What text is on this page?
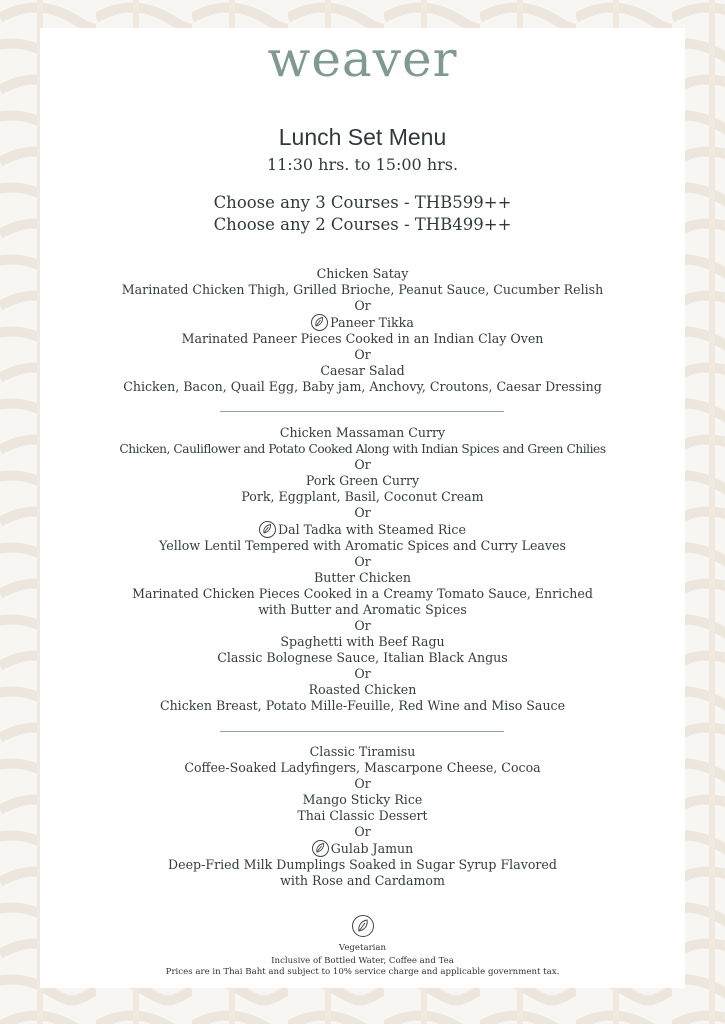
weaver
Lunch Set Menu
11:30 hrs. to 15:00 hrs.
Choose any 3 Courses - THB599++
Choose any 2 Courses - THB499++
Chicken Satay
Marinated Chicken Thigh, Grilled Brioche, Peanut Sauce, Cucumber Relish
Or
Paneer Tikka
Marinated Paneer Pieces Cooked in an Indian Clay Oven
Or
Caesar Salad
Chicken, Bacon, Quail Egg, Baby jam, Anchovy, Croutons, Caesar Dressing
Chicken Massaman Curry
Chicken, Cauliflower and Potato Cooked Along with Indian Spices and Green Chilies
Or
Pork Green Curry
Pork, Eggplant, Basil, Coconut Cream
Or
Dal Tadka with Steamed Rice
Yellow Lentil Tempered with Aromatic Spices and Curry Leaves
Or
Butter Chicken
Marinated Chicken Pieces Cooked in a Creamy Tomato Sauce, Enriched
with Butter and Aromatic Spices
Or
Spaghetti with Beef Ragu
Classic Bolognese Sauce, Italian Black Angus
Or
Roasted Chicken
Chicken Breast, Potato Mille-Feuille, Red Wine and Miso Sauce
Classic Tiramisu
Coffee-Soaked Ladyfingers, Mascarpone Cheese, Cocoa
Or
Mango Sticky Rice
Thai Classic Dessert
Or
Gulab Jamun
Deep-Fried Milk Dumplings Soaked in Sugar Syrup Flavored
with Rose and Cardamom
Vegetarian
Inclusive of Bottled Water, Coffee and Tea
Prices are in Thai Baht and subject to 10% service charge and applicable government tax.
